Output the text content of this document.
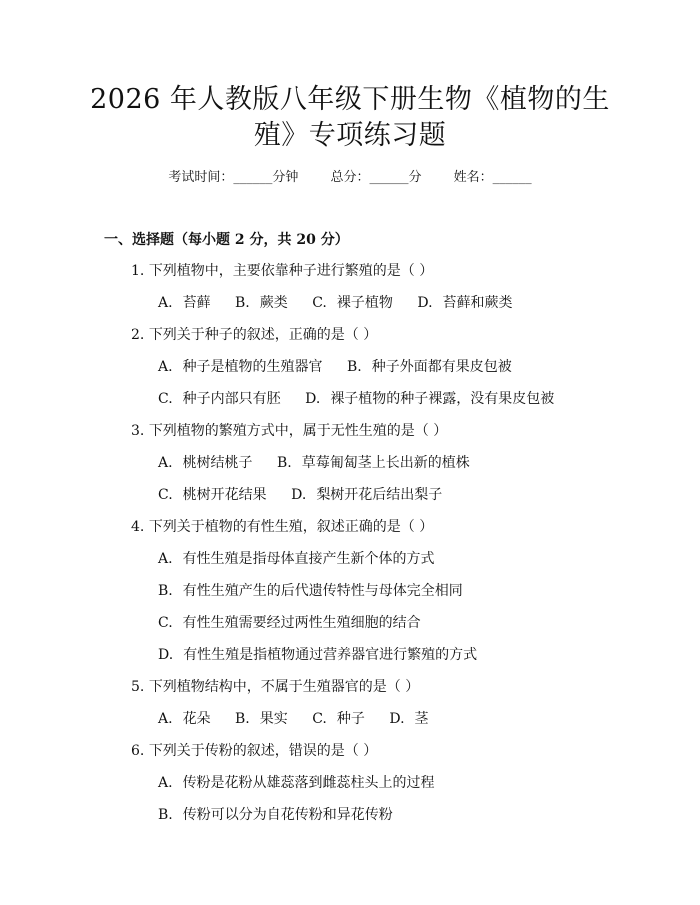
2026 年人教版八年级下册生物《植物的生
殖》专项练习题
考试时间：______分钟 总分：______分 姓名：______
一、选择题（每小题 2 分，共 20 分）
1. 下列植物中，主要依靠种子进行繁殖的是（ ）
A. 苔藓 B. 蕨类 C. 裸子植物 D. 苔藓和蕨类
2. 下列关于种子的叙述，正确的是（ ）
A. 种子是植物的生殖器官 B. 种子外面都有果皮包被
C. 种子内部只有胚 D. 裸子植物的种子裸露，没有果皮包被
3. 下列植物的繁殖方式中，属于无性生殖的是（ ）
A. 桃树结桃子 B. 草莓匍匐茎上长出新的植株
C. 桃树开花结果 D. 梨树开花后结出梨子
4. 下列关于植物的有性生殖，叙述正确的是（ ）
A. 有性生殖是指母体直接产生新个体的方式
B. 有性生殖产生的后代遗传特性与母体完全相同
C. 有性生殖需要经过两性生殖细胞的结合
D. 有性生殖是指植物通过营养器官进行繁殖的方式
5. 下列植物结构中，不属于生殖器官的是（ ）
A. 花朵 B. 果实 C. 种子 D. 茎
6. 下列关于传粉的叙述，错误的是（ ）
A. 传粉是花粉从雄蕊落到雌蕊柱头上的过程
B. 传粉可以分为自花传粉和异花传粉
